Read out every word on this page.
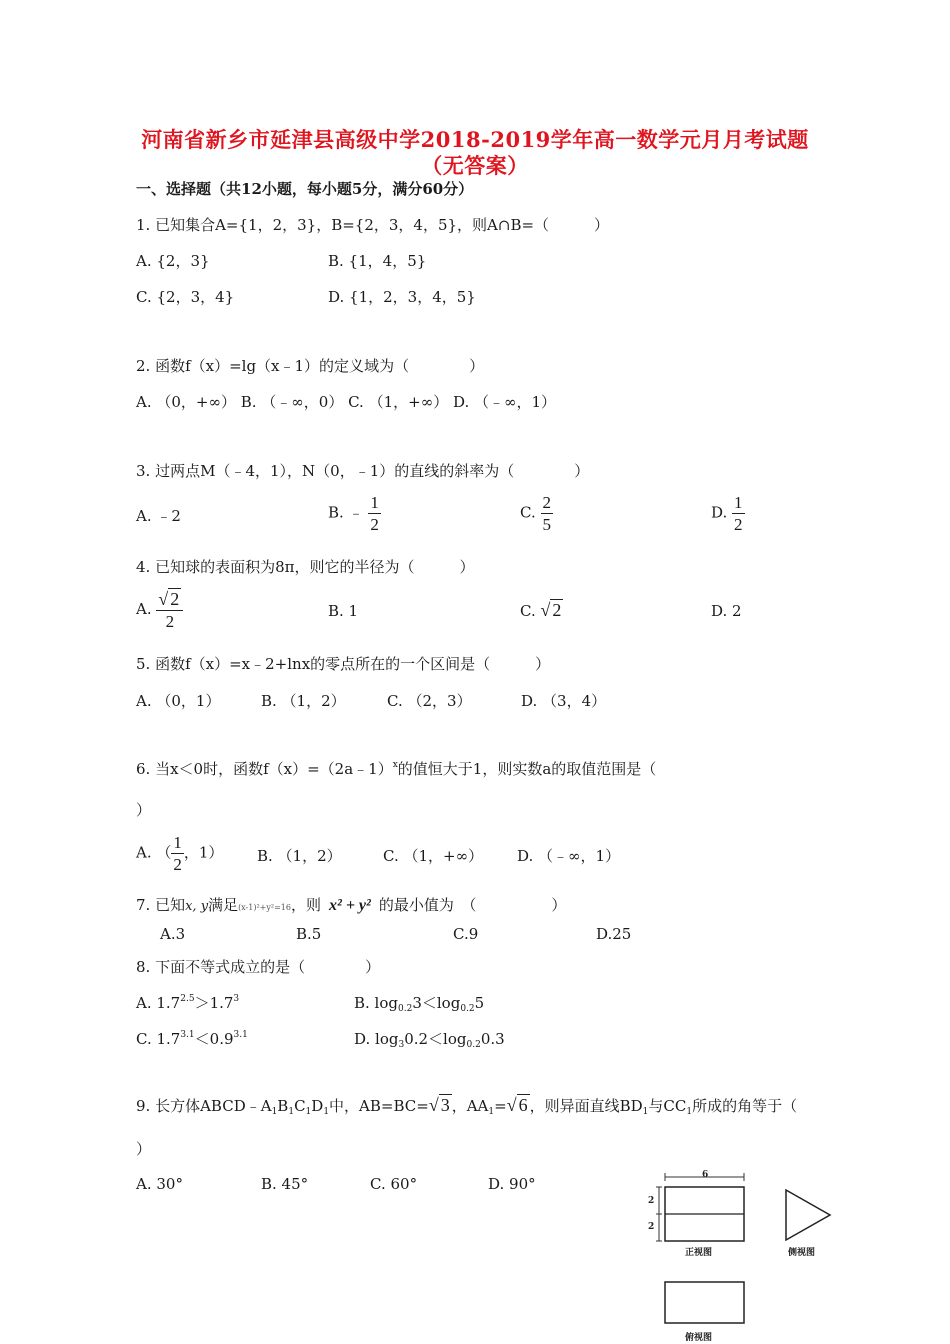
河南省新乡市延津县高级中学2018-2019学年高一数学元月月考试题
（无答案）
一、选择题（共12小题，每小题5分，满分60分）
1. 已知集合A={1，2，3}，B={2，3，4，5}，则A∩B=（　　　）
A. {2，3}	B. {1，4，5}
C. {2，3，4}	D. {1，2，3，4，5}
2. 函数f（x）=lg（x﹣1）的定义域为（　　　　）
A. （0，+∞） B. （﹣∞，0） C. （1，+∞） D. （﹣∞，1）
3. 过两点M（﹣4，1），N（0，﹣1）的直线的斜率为（　　　　）
A. ﹣2	B. ﹣ $\frac{1}{2}$	C. $\frac{2}{5}$	D. $\frac{1}{2}$
4. 已知球的表面积为8π，则它的半径为（　　　）
A. $\frac{√ 2}{2}$	B. 1	C. √ 2	D. 2
5. 函数f（x）=x﹣2+lnx的零点所在的一个区间是（　　　）
A. （0，1）	B. （1，2）	C. （2，3）	D. （3，4）
6. 当x＜0时，函数f（x）=（2a﹣1）$^x$的值恒大于1，则实数a的取值范围是（
）
A. （ $\frac{1}{2}$ ，1） B. （1，2）	C. （1，+∞） D. （﹣∞，1）
7. 已知x, y满足(x-1)²+y²=16，则 x² + y² 的最小值为　（　　　　　）
A.3	B.5	C.9	D.25
8. 下面不等式成立的是（　　　　）
A. $1.7^{2.5}>1.7^3$	B. $\log_{0.2}3<\log_{0.2}5$
C. $1.7^{3.1}<0.9^{3.1}$	D. $\log_30.2<\log_{0.2}0.3$
9. 长方体$ABCD﹣A_1B_1C_1D_1$中，AB=BC=√ 3 ，$AA_1=√$ 6 ，则异面直线$BD_1$与$CC_1$所成的角等于（
）
A. 30°	B. 45°	C. 60°	D. 90°	6
2
2
正视图	侧视图
俯视图
